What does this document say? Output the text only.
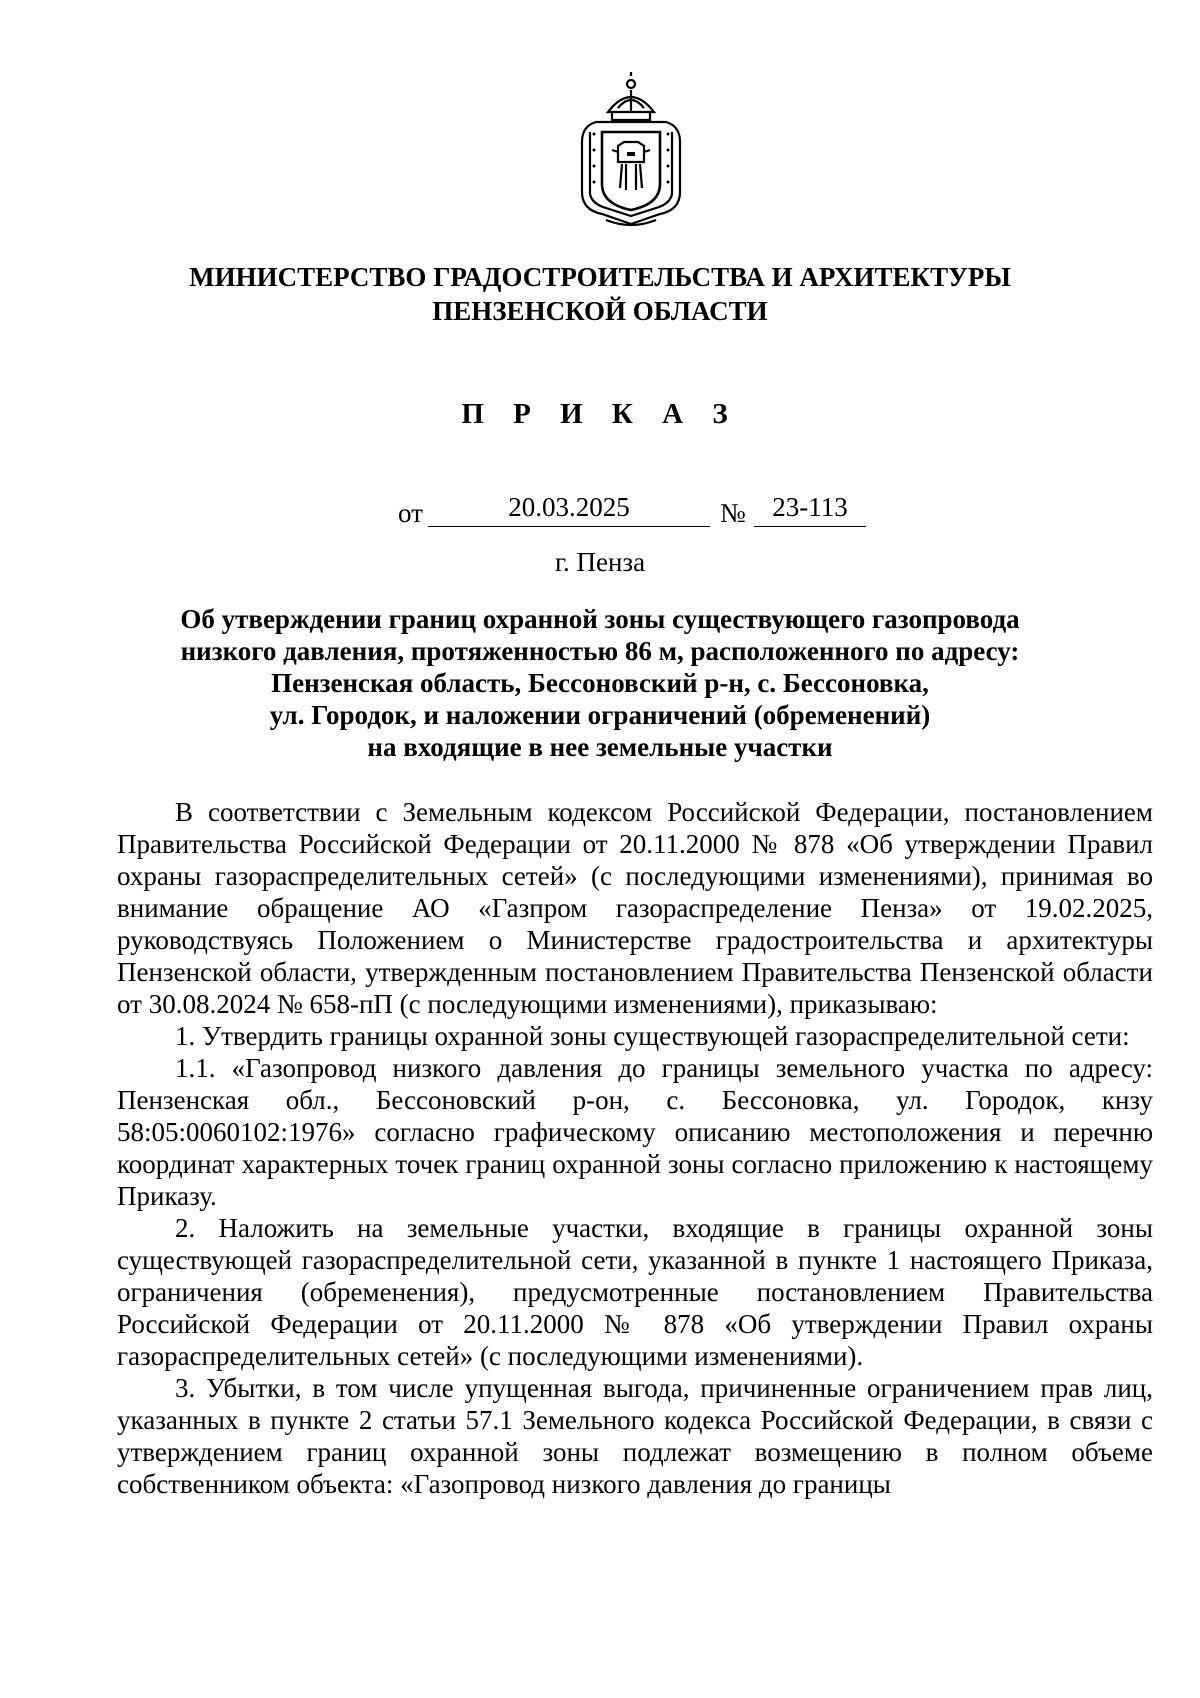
МИНИСТЕРСТВО ГРАДОСТРОИТЕЛЬСТВА И АРХИТЕКТУРЫ
ПЕНЗЕНСКОЙ ОБЛАСТИ
П Р И К А З
от	20.03.2025	№ 23-113
г. Пенза
Об утверждении границ охранной зоны существующего газопровода
низкого давления, протяженностью 86 м, расположенного по адресу:
Пензенская область, Бессоновский р-н, с. Бессоновка,
ул. Городок, и наложении ограничений (обременений)
на входящие в нее земельные участки

В соответствии с Земельным кодексом Российской Федерации, постановлением Правительства Российской Федерации от 20.11.2000 № 878 «Об утверждении Правил охраны газораспределительных сетей» (с последующими изменениями), принимая во внимание обращение АО «Газпром газораспределение Пенза» от 19.02.2025, руководствуясь Положением о Министерстве градостроительства и архитектуры Пензенской области, утвержденным постановлением Правительства Пензенской области от 30.08.2024 № 658-пП (с последующими изменениями), приказываю:

1. Утвердить границы охранной зоны существующей газораспределительной сети:

1.1. «Газопровод низкого давления до границы земельного участка по адресу: Пензенская обл., Бессоновский р-он, с. Бессоновка, ул. Городок, кнзу 58:05:0060102:1976» согласно графическому описанию местоположения и перечню координат характерных точек границ охранной зоны согласно приложению к настоящему Приказу.

2. Наложить на земельные участки, входящие в границы охранной зоны существующей газораспределительной сети, указанной в пункте 1 настоящего Приказа, ограничения (обременения), предусмотренные постановлением Правительства Российской Федерации от 20.11.2000 № 878 «Об утверждении Правил охраны газораспределительных сетей» (с последующими изменениями).

3. Убытки, в том числе упущенная выгода, причиненные ограничением прав лиц, указанных в пункте 2 статьи 57.1 Земельного кодекса Российской Федерации, в связи с утверждением границ охранной зоны подлежат возмещению в полном объеме собственником объекта: «Газопровод низкого давления до границы
